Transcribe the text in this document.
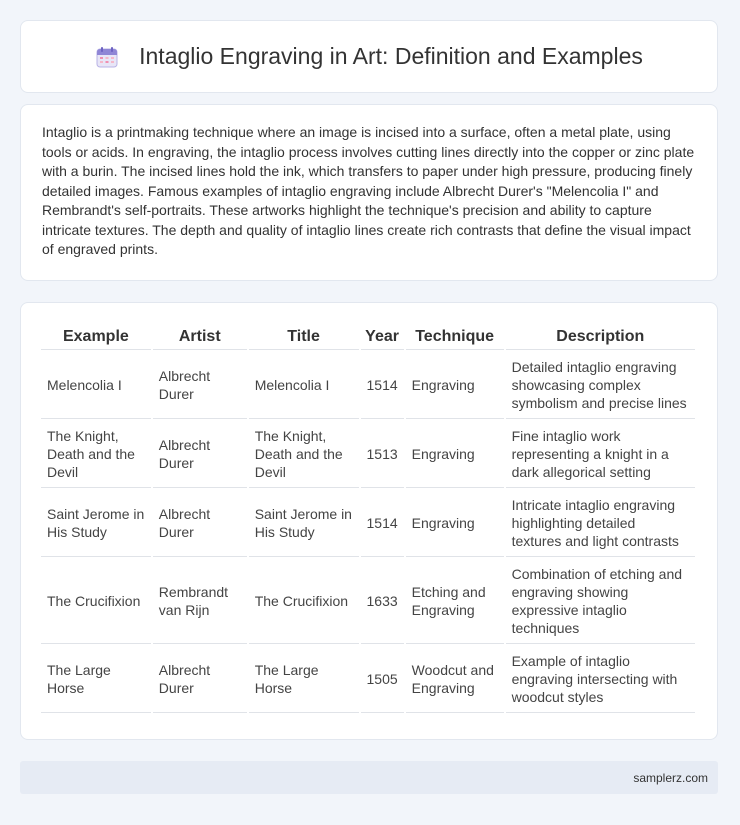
Intaglio Engraving in Art: Definition and Examples

Intaglio is a printmaking technique where an image is incised into a surface, often a metal plate, using tools or acids. In engraving, the intaglio process involves cutting lines directly into the copper or zinc plate with a burin. The incised lines hold the ink, which transfers to paper under high pressure, producing finely detailed images. Famous examples of intaglio engraving include Albrecht Durer's "Melencolia I" and Rembrandt's self-portraits. These artworks highlight the technique's precision and ability to capture intricate textures. The depth and quality of intaglio lines create rich contrasts that define the visual impact of engraved prints.

Example	Artist	Title	Year	Technique	Description
Melencolia I	Albrecht Durer	Melencolia I	1514	Engraving	Detailed intaglio engraving showcasing complex symbolism and precise lines
The Knight, Death and the Devil	Albrecht Durer	The Knight, Death and the Devil	1513	Engraving	Fine intaglio work representing a knight in a dark allegorical setting
Saint Jerome in His Study	Albrecht Durer	Saint Jerome in His Study	1514	Engraving	Intricate intaglio engraving highlighting detailed textures and light contrasts
The Crucifixion	Rembrandt van Rijn	The Crucifixion	1633	Etching and Engraving	Combination of etching and engraving showing expressive intaglio techniques
The Large Horse	Albrecht Durer	The Large Horse	1505	Woodcut and Engraving	Example of intaglio engraving intersecting with woodcut styles
samplerz.com
